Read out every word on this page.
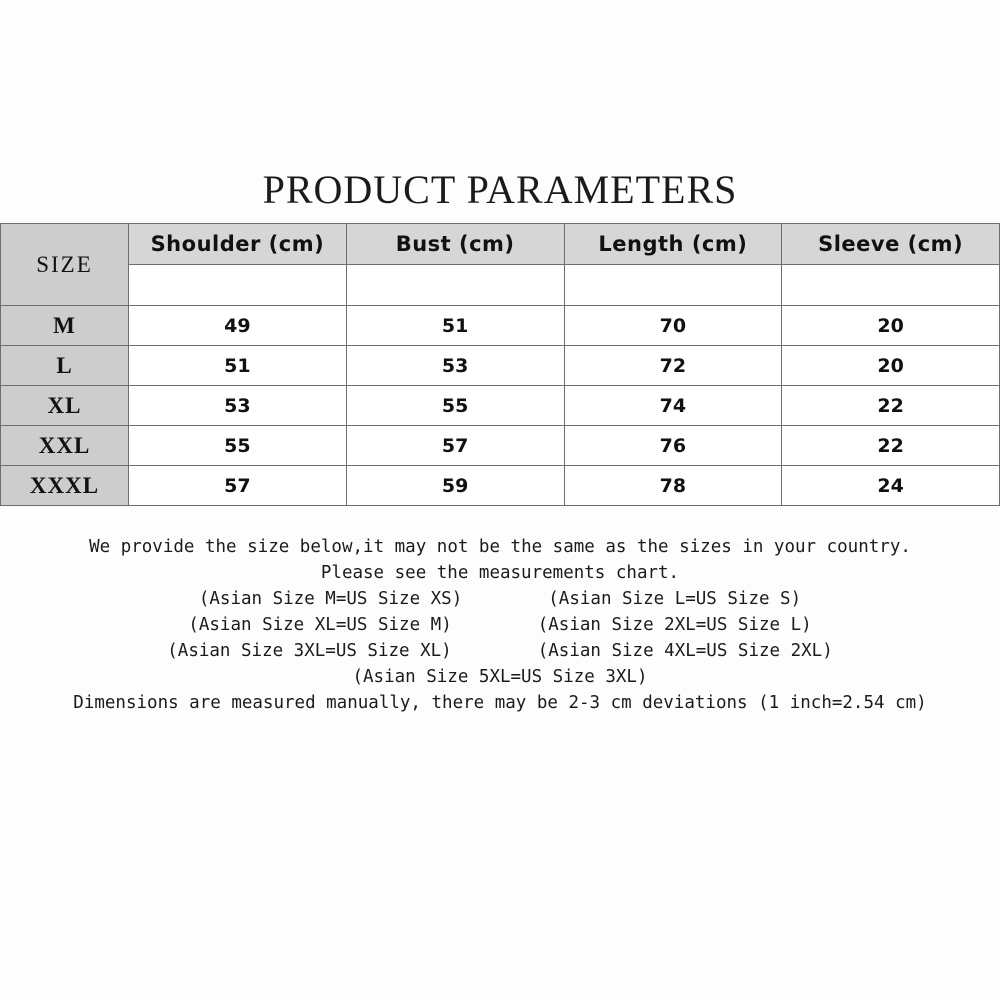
PRODUCT PARAMETERS
SIZE	Shoulder (cm)	Bust (cm)	Length (cm)	Sleeve (cm)

M	49	51	70	20
L	51	53	72	20
XL	53	55	74	22
XXL	55	57	76	22
XXXL	57	59	78	24
We provide the size below,it may not be the same as the sizes in your country.
Please see the measurements chart.
(Asian Size M=US Size XS)	(Asian Size L=US Size S)
(Asian Size XL=US Size M)	(Asian Size 2XL=US Size L)
(Asian Size 3XL=US Size XL)	(Asian Size 4XL=US Size 2XL)
(Asian Size 5XL=US Size 3XL)
Dimensions are measured manually, there may be 2-3 cm deviations (1 inch=2.54 cm)
